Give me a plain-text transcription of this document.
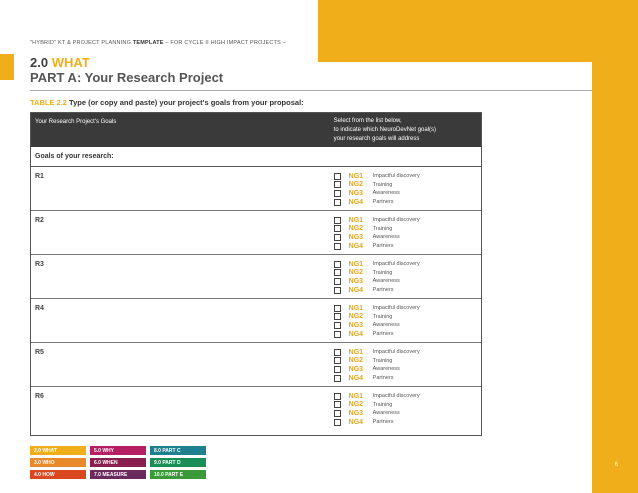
6
"HYBRID" KT & PROJECT PLANNING TEMPLATE – FOR CYCLE II HIGH IMPACT PROJECTS –
2.0 WHAT
PART A: Your Research Project
TABLE 2.2 Type (or copy and paste) your project's goals from your proposal:
Your Research Project's Goals	Select from the list below,
to indicate which NeuroDevNet goal(s)
your research goals will address
Goals of your research:
R1	NG1	Impactful discovery
NG2	Training
NG3	Awareness
NG4	Partners
R2	NG1	Impactful discovery
NG2	Training
NG3	Awareness
NG4	Partners
R3	NG1	Impactful discovery
NG2	Training
NG3	Awareness
NG4	Partners
R4	NG1	Impactful discovery
NG2	Training
NG3	Awareness
NG4	Partners
R5	NG1	Impactful discovery
NG2	Training
NG3	Awareness
NG4	Partners
R6	NG1	Impactful discovery
NG2	Training
NG3	Awareness
NG4	Partners
2.0 WHAT	5.0 WHY	8.0 PART C
3.0 WHO	6.0 WHEN	9.0 PART D
4.0 HOW	7.0 MEASURE	10.0 PART E
